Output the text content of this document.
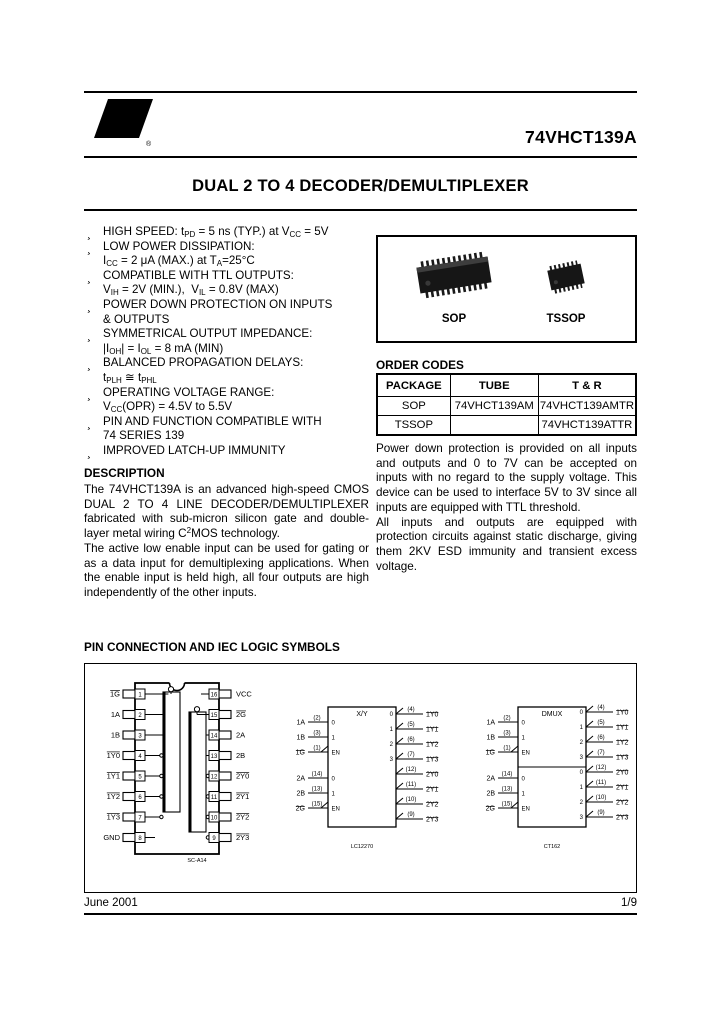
ST
®	74VHCT139A
DUAL 2 TO 4 DECODER/DEMULTIPLEXER
¸ HIGH SPEED: $t_{PD} = 5$ ns (TYP.) at $V_{CC} = 5V$
¸ LOW POWER DISSIPATION:
$I_{CC} = 2$ μA (MAX.) at $T_A=25^\circ C$
¸ COMPATIBLE WITH TTL OUTPUTS:
$V_{IH} = 2V$ (MIN.),  $V_{IL} = 0.8V$ (MAX)
¸ POWER DOWN PROTECTION ON INPUTS
& OUTPUTS
¸ SYMMETRICAL OUTPUT IMPEDANCE:
$|I_{OH}| = I_{OL} = 8$ mA (MIN)
¸ BALANCED PROPAGATION DELAYS:
$t_{PLH}$ ≅ $t_{PHL}$
¸ OPERATING VOLTAGE RANGE:
$V_{CC}(OPR) = 4.5V$ to 5.5V
¸ PIN AND FUNCTION COMPATIBLE WITH
74 SERIES 139
¸ IMPROVED LATCH-UP IMMUNITY
DESCRIPTION

The 74VHCT139A is an advanced high-speed CMOS DUAL 2 TO 4 LINE DECODER/DEMULTIPLEXER fabricated with sub-micron silicon gate and double-layer metal wiring $C^2MOS$ technology.

The active low enable input can be used for gating or as a data input for demultiplexing applications. When the enable input is held high, all four outputs are high independently of the other inputs.

SOP	TSSOP
ORDER CODES
PACKAGE	TUBE	T & R
SOP	74VHCT139AM	74VHCT139AMTR
TSSOP		74VHCT139ATTR

Power down protection is provided on all inputs and outputs and 0 to 7V can be accepted on inputs with no regard to the supply voltage. This device can be used to interface 5V to 3V since all inputs are equipped with TTL threshold.

All inputs and outputs are equipped with protection circuits against static discharge, giving them 2KV ESD immunity and transient excess voltage.

PIN CONNECTION AND IEC LOGIC SYMBOLS
1
1G
2
1A
3
1B
4
1Y0
5
1Y1
6
1Y2
7
1Y3
8
GND
16 VCC
15 2G
14 2A
13 2B
12 2Y0
11	2Y1
10 2Y2
9	2Y3
SC-A14
X/Y
(2)
1A	0
(3)
1B	1
(1)
1G	EN
(14)
2A	0
(13)
2B	1
(15)
2G	EN
(4)
1Y0
0
(5)
1Y1
1
(6)
1Y2
2
(7)
1Y3
3
(12)
2Y0
(11)
2Y1
(10)
2Y2
(9)
2Y3
LC12270
DMUX
(2)
1A	0
(3)
1B	1
(1)
1G	EN
(14)
2A	0
(13)
2B	1
(15)
2G	EN
(4)
1Y0
0
(5)
1Y1
1
(6)
1Y2
2
(7)
1Y3
3
(12)
2Y0
0
(11)
2Y1
1
(10)
2Y2
2
(9)
2Y3
3
CT162
June 2001	1/9
